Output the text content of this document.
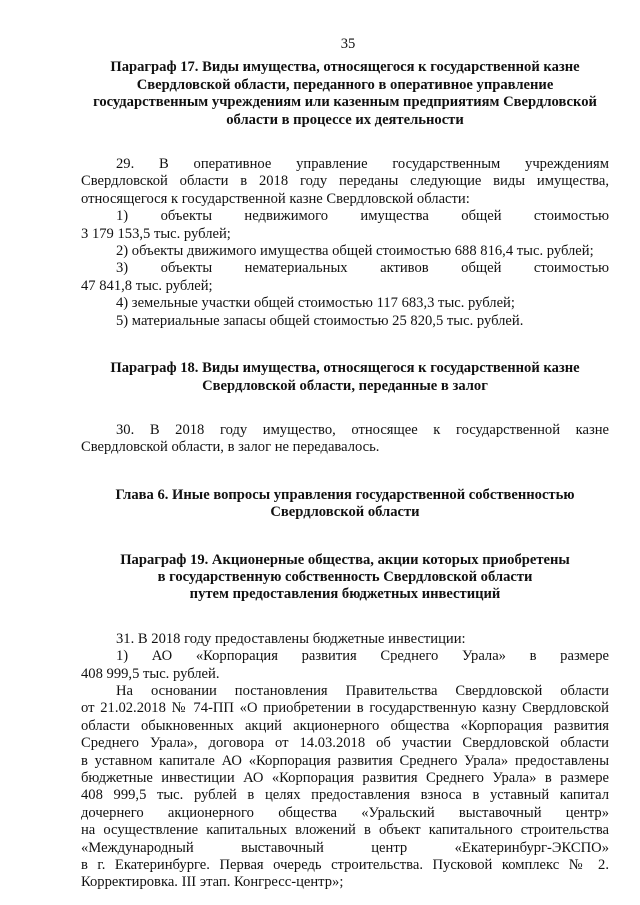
35
Параграф 17. Виды имущества, относящегося к государственной казне
Свердловской области, переданного в оперативное управление
государственным учреждениям или казенным предприятиям Свердловской
области в процессе их деятельности
29. В оперативное управление государственным учреждениям
Свердловской области в 2018 году переданы следующие виды имущества,
относящегося к государственной казне Свердловской области:
1) объекты недвижимого имущества общей стоимостью
3 179 153,5 тыс. рублей;
2) объекты движимого имущества общей стоимостью 688 816,4 тыс. рублей;
3) объекты нематериальных активов общей стоимостью
47 841,8 тыс. рублей;
4) земельные участки общей стоимостью 117 683,3 тыс. рублей;
5) материальные запасы общей стоимостью 25 820,5 тыс. рублей.
Параграф 18. Виды имущества, относящегося к государственной казне
Свердловской области, переданные в залог
30. В 2018 году имущество, относящее к государственной казне
Свердловской области, в залог не передавалось.
Глава 6. Иные вопросы управления государственной собственностью
Свердловской области
Параграф 19. Акционерные общества, акции которых приобретены
в государственную собственность Свердловской области
путем предоставления бюджетных инвестиций
31. В 2018 году предоставлены бюджетные инвестиции:
1) АО «Корпорация развития Среднего Урала» в размере
408 999,5 тыс. рублей.
На основании постановления Правительства Свердловской области
от 21.02.2018 № 74-ПП «О приобретении в государственную казну Свердловской
области обыкновенных акций акционерного общества «Корпорация развития
Среднего Урала», договора от 14.03.2018 об участии Свердловской области
в уставном капитале АО «Корпорация развития Среднего Урала» предоставлены
бюджетные инвестиции АО «Корпорация развития Среднего Урала» в размере
408 999,5 тыс. рублей в целях предоставления взноса в уставный капитал
дочернего акционерного общества «Уральский выставочный центр»
на осуществление капитальных вложений в объект капитального строительства
«Международный выставочный центр «Екатеринбург-ЭКСПО»
в г. Екатеринбурге. Первая очередь строительства. Пусковой комплекс № 2.
Корректировка. III этап. Конгресс-центр»;
